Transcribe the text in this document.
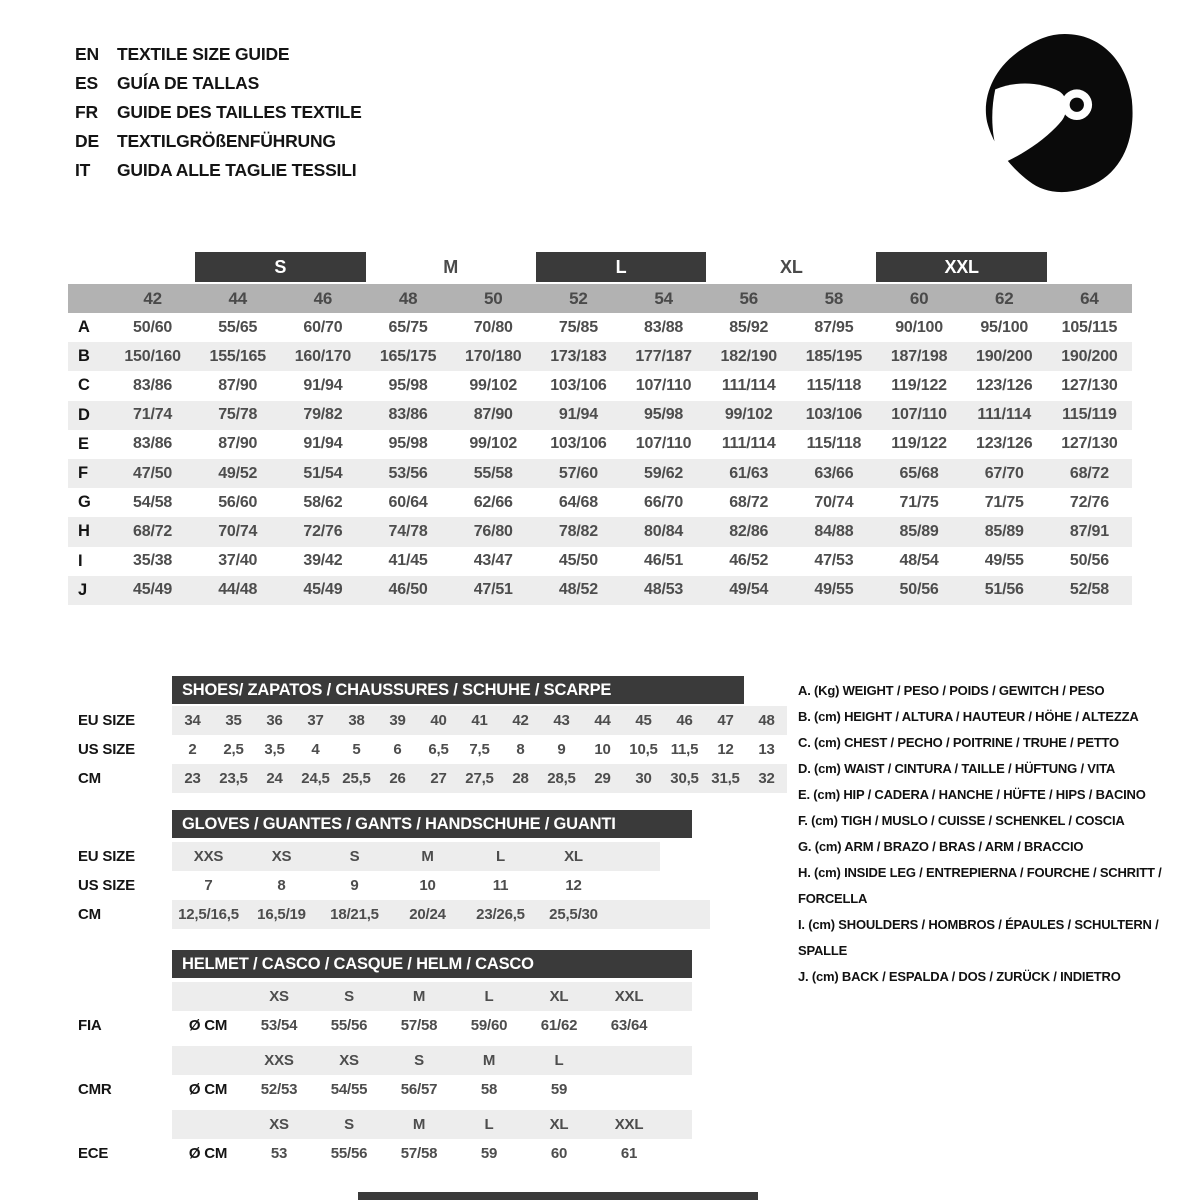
EN	TEXTILE SIZE GUIDE
ES	GUÍA DE TALLAS
FR	GUIDE DES TAILLES TEXTILE
DE	TEXTILGRÖßENFÜHRUNG
IT	GUIDA ALLE TAGLIE TESSILI
S	M	L	XL	XXL
42	44	46	48	50	52	54	56	58	60	62	64
A	50/60	55/65	60/70	65/75	70/80	75/85	83/88	85/92	87/95	90/100	95/100	105/115
B	150/160	155/165	160/170	165/175	170/180	173/183	177/187	182/190	185/195	187/198	190/200	190/200
C	83/86	87/90	91/94	95/98	99/102	103/106	107/110	111/114	115/118	119/122	123/126	127/130
D	71/74	75/78	79/82	83/86	87/90	91/94	95/98	99/102	103/106	107/110	111/114	115/119
E	83/86	87/90	91/94	95/98	99/102	103/106	107/110	111/114	115/118	119/122	123/126	127/130
F	47/50	49/52	51/54	53/56	55/58	57/60	59/62	61/63	63/66	65/68	67/70	68/72
G	54/58	56/60	58/62	60/64	62/66	64/68	66/70	68/72	70/74	71/75	71/75	72/76
H	68/72	70/74	72/76	74/78	76/80	78/82	80/84	82/86	84/88	85/89	85/89	87/91
I	35/38	37/40	39/42	41/45	43/47	45/50	46/51	46/52	47/53	48/54	49/55	50/56
J	45/49	44/48	45/49	46/50	47/51	48/52	48/53	49/54	49/55	50/56	51/56	52/58
SHOES/ ZAPATOS / CHAUSSURES / SCHUHE / SCARPE
EU SIZE	34 35 36 37 38 39 40 41 42 43 44 45 46 47 48
US SIZE	2 2,5 3,5 4 5 6 6,5 7,5 8 9 10 10,5 11,5 12 13
CM	23 23,5 24 24,5 25,5 26 27 27,5 28 28,5 29 30 30,5 31,5 32
GLOVES / GUANTES / GANTS / HANDSCHUHE / GUANTI
EU SIZE	XXS	XS	S	M	L	XL
US SIZE	7	8	9	10	11	12
CM	12,5/16,5 16,5/19 18/21,5 20/24 23/26,5 25,5/30
HELMET / CASCO / CASQUE / HELM / CASCO
XS	S	M	L	XL	XXL
FIA	Ø CM 53/54 55/56 57/58 59/60 61/62 63/64
XXS	XS	S	M	L
CMR	Ø CM 52/53 54/55 56/57	58	59
XS	S	M	L	XL	XXL
ECE	Ø CM	53	55/56 57/58	59	60	61
A. (Kg) WEIGHT / PESO / POIDS / GEWITCH / PESO
B. (cm) HEIGHT / ALTURA / HAUTEUR / HÖHE / ALTEZZA
C. (cm) CHEST / PECHO / POITRINE / TRUHE / PETTO
D. (cm) WAIST / CINTURA / TAILLE / HÜFTUNG / VITA
E. (cm) HIP / CADERA / HANCHE / HÜFTE / HIPS / BACINO
F. (cm) TIGH / MUSLO / CUISSE / SCHENKEL / COSCIA
G. (cm) ARM / BRAZO / BRAS / ARM / BRACCIO
H. (cm) INSIDE LEG / ENTREPIERNA / FOURCHE / SCHRITT / FORCELLA
I. (cm) SHOULDERS / HOMBROS / ÉPAULES / SCHULTERN / SPALLE
J. (cm) BACK / ESPALDA / DOS / ZURÜCK / INDIETRO
